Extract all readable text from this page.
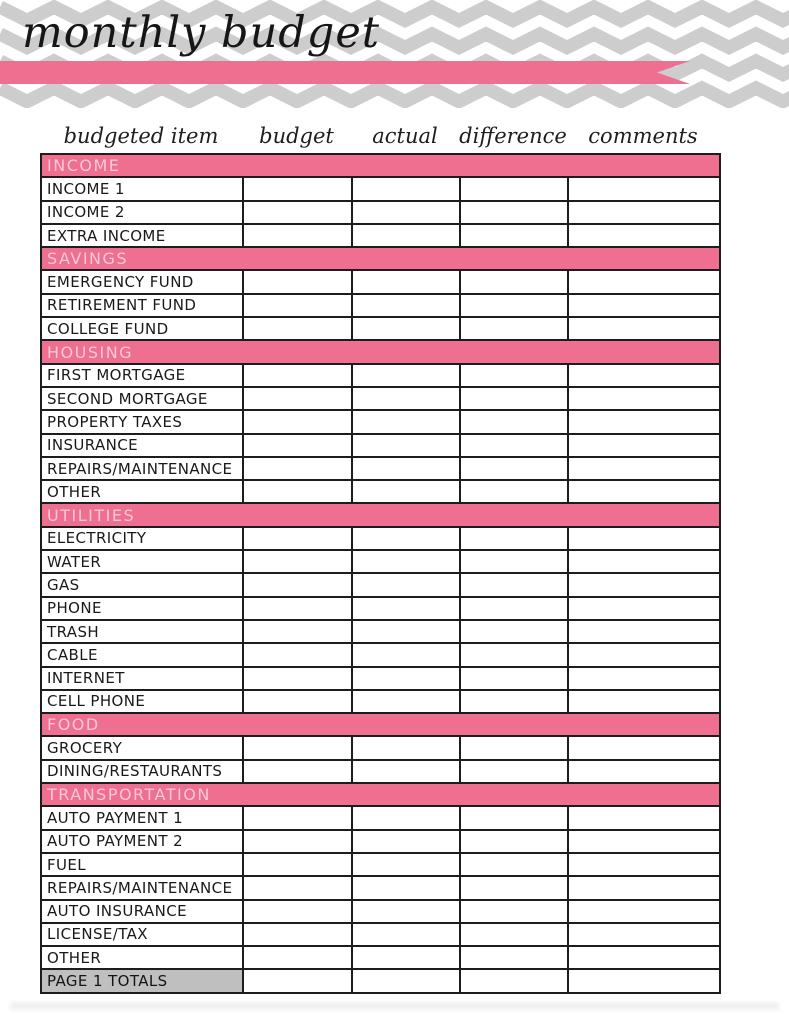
monthly budget
budgeted item	budget	actual	difference	comments
INCOME				
INCOME 1				
INCOME 2				
EXTRA INCOME				
SAVINGS				
EMERGENCY FUND				
RETIREMENT FUND				
COLLEGE FUND				
HOUSING				
FIRST MORTGAGE				
SECOND MORTGAGE				
PROPERTY TAXES				
INSURANCE				
REPAIRS/MAINTENANCE				
OTHER				
UTILITIES				
ELECTRICITY				
WATER				
GAS				
PHONE				
TRASH				
CABLE				
INTERNET				
CELL PHONE				
FOOD				
GROCERY				
DINING/RESTAURANTS				
TRANSPORTATION				
AUTO PAYMENT 1				
AUTO PAYMENT 2				
FUEL				
REPAIRS/MAINTENANCE				
AUTO INSURANCE				
LICENSE/TAX				
OTHER				
PAGE 1 TOTALS				
